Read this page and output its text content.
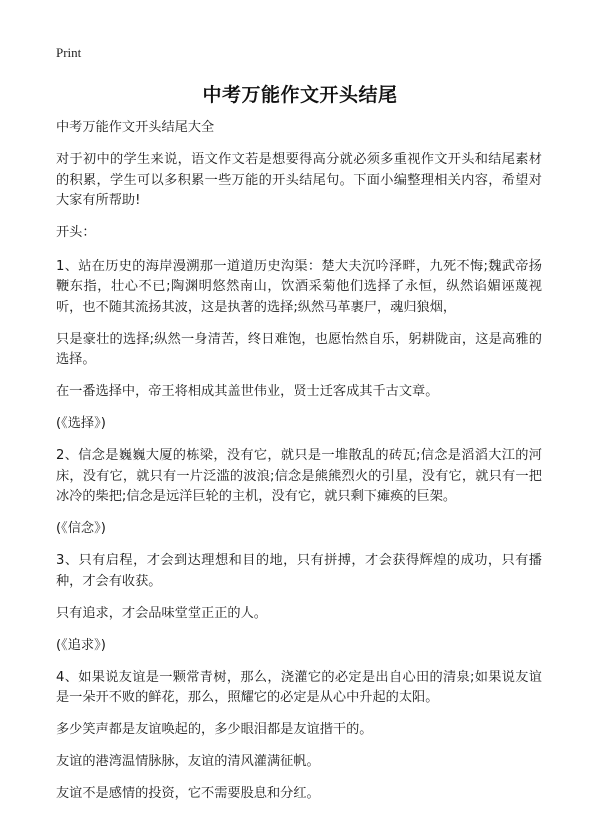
Print
中考万能作文开头结尾

中考万能作文开头结尾大全

对于初中的学生来说，语文作文若是想要得高分就必须多重视作文开头和结尾素材的积累，学生可以多积累一些万能的开头结尾句。下面小编整理相关内容，希望对大家有所帮助!

开头：

1、站在历史的海岸漫溯那一道道历史沟渠：楚大夫沉吟泽畔，九死不悔;魏武帝扬鞭东指，壮心不已;陶渊明悠然南山，饮酒采菊他们选择了永恒，纵然谄媚诬蔑视听，也不随其流扬其波，这是执著的选择;纵然马革裹尸，魂归狼烟，

只是豪壮的选择;纵然一身清苦，终日难饱，也愿怡然自乐，躬耕陇亩，这是高雅的选择。

在一番选择中，帝王将相成其盖世伟业，贤士迁客成其千古文章。

(《选择》)

2、信念是巍巍大厦的栋梁，没有它，就只是一堆散乱的砖瓦;信念是滔滔大江的河床，没有它，就只有一片泛滥的波浪;信念是熊熊烈火的引星，没有它，就只有一把冰冷的柴把;信念是远洋巨轮的主机，没有它，就只剩下瘫痪的巨架。

(《信念》)

3、只有启程，才会到达理想和目的地，只有拼搏，才会获得辉煌的成功，只有播种，才会有收获。

只有追求，才会品味堂堂正正的人。

(《追求》)

4、如果说友谊是一颗常青树，那么，浇灌它的必定是出自心田的清泉;如果说友谊是一朵开不败的鲜花，那么，照耀它的必定是从心中升起的太阳。

多少笑声都是友谊唤起的，多少眼泪都是友谊揩干的。

友谊的港湾温情脉脉，友谊的清风灌满征帆。

友谊不是感情的投资，它不需要股息和分红。
